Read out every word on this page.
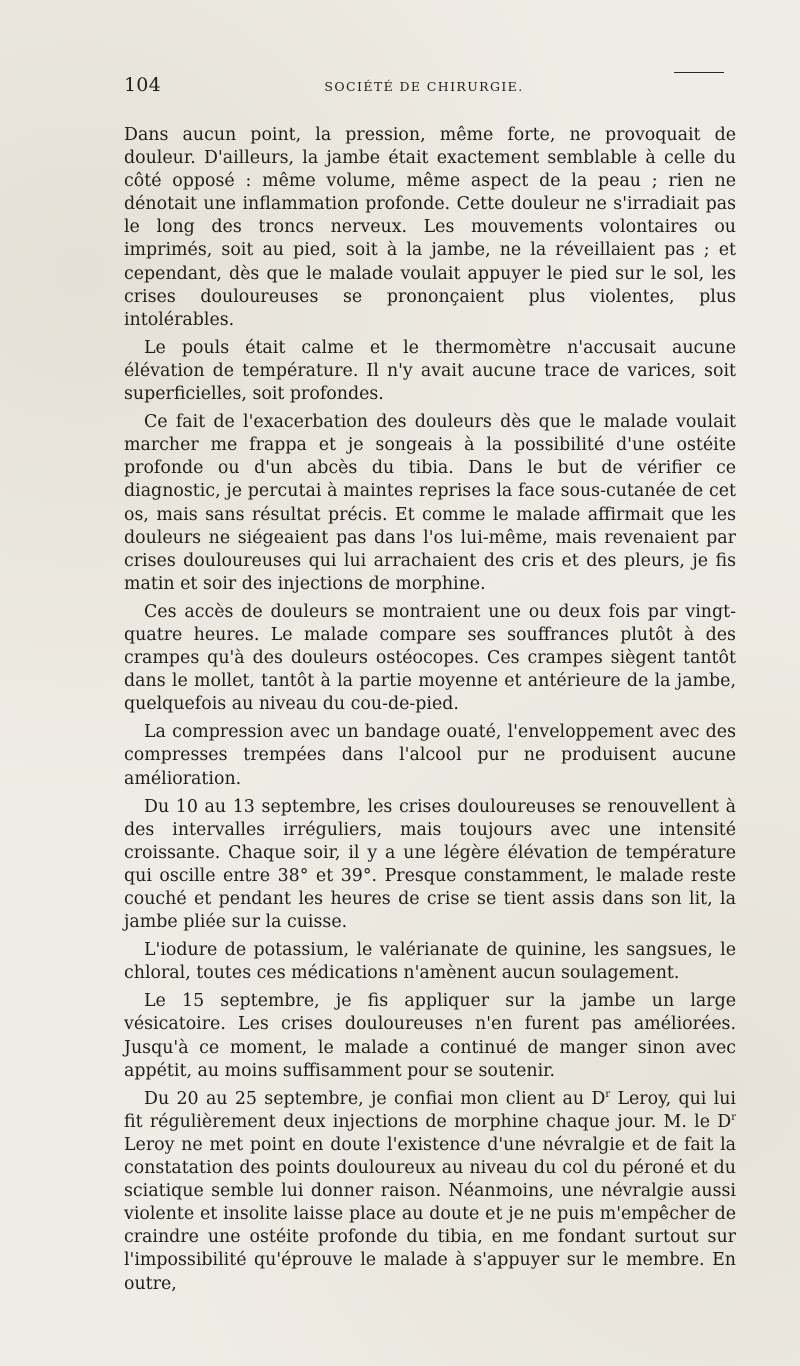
104	SOCIÉTÉ DE CHIRURGIE.

Dans aucun point, la pression, même forte, ne provoquait de douleur. D'ailleurs, la jambe était exactement semblable à celle du côté opposé : même volume, même aspect de la peau ; rien ne dénotait une inflammation profonde. Cette douleur ne s'irradiait pas le long des troncs nerveux. Les mouvements volontaires ou imprimés, soit au pied, soit à la jambe, ne la réveillaient pas ; et cependant, dès que le malade voulait appuyer le pied sur le sol, les crises douloureuses se prononçaient plus violentes, plus intolérables.

Le pouls était calme et le thermomètre n'accusait aucune élévation de température. Il n'y avait aucune trace de varices, soit superficielles, soit profondes.

Ce fait de l'exacerbation des douleurs dès que le malade voulait marcher me frappa et je songeais à la possibilité d'une ostéite profonde ou d'un abcès du tibia. Dans le but de vérifier ce diagnostic, je percutai à maintes reprises la face sous-cutanée de cet os, mais sans résultat précis. Et comme le malade affirmait que les douleurs ne siégeaient pas dans l'os lui-même, mais revenaient par crises douloureuses qui lui arrachaient des cris et des pleurs, je fis matin et soir des injections de morphine.

Ces accès de douleurs se montraient une ou deux fois par vingt-quatre heures. Le malade compare ses souffrances plutôt à des crampes qu'à des douleurs ostéocopes. Ces crampes siègent tantôt dans le mollet, tantôt à la partie moyenne et antérieure de la jambe, quelquefois au niveau du cou-de-pied.

La compression avec un bandage ouaté, l'enveloppement avec des compresses trempées dans l'alcool pur ne produisent aucune amélioration.

Du 10 au 13 septembre, les crises douloureuses se renouvellent à des intervalles irréguliers, mais toujours avec une intensité croissante. Chaque soir, il y a une légère élévation de température qui oscille entre 38° et 39°. Presque constamment, le malade reste couché et pendant les heures de crise se tient assis dans son lit, la jambe pliée sur la cuisse.

L'iodure de potassium, le valérianate de quinine, les sangsues, le chloral, toutes ces médications n'amènent aucun soulagement.

Le 15 septembre, je fis appliquer sur la jambe un large vésicatoire. Les crises douloureuses n'en furent pas améliorées. Jusqu'à ce moment, le malade a continué de manger sinon avec appétit, au moins suffisamment pour se soutenir.

Du 20 au 25 septembre, je confiai mon client au $D^r$ Leroy, qui lui fit régulièrement deux injections de morphine chaque jour. M. le $D^r$ Leroy ne met point en doute l'existence d'une névralgie et de fait la constatation des points douloureux au niveau du col du péroné et du sciatique semble lui donner raison. Néanmoins, une névralgie aussi violente et insolite laisse place au doute et je ne puis m'empêcher de craindre une ostéite profonde du tibia, en me fondant surtout sur l'impossibilité qu'éprouve le malade à s'appuyer sur le membre. En outre,
